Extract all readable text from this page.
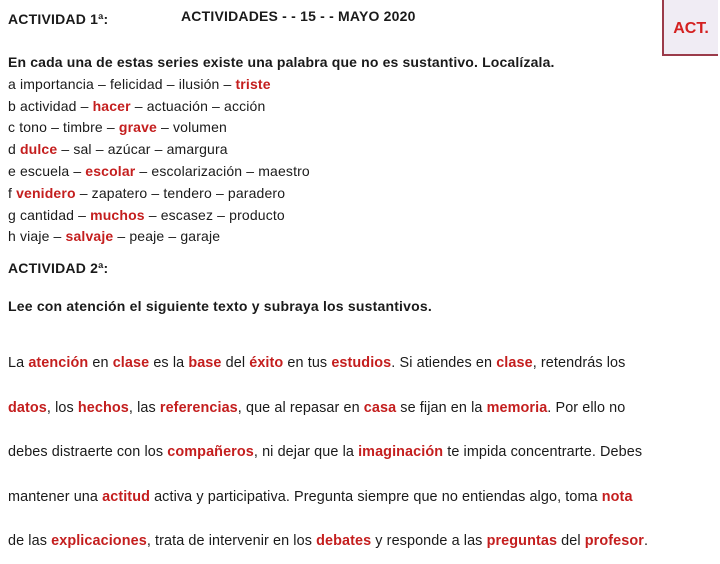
ACTIVIDAD 1ª:	ACTIVIDADES - - 15 - - MAYO 2020
ACT.
En cada una de estas series existe una palabra que no es sustantivo. Localízala.
a importancia – felicidad – ilusión – triste
b actividad – hacer – actuación – acción
c tono – timbre – grave – volumen
d dulce – sal – azúcar – amargura
e escuela – escolar – escolarización – maestro
f venidero – zapatero – tendero – paradero
g cantidad – muchos – escasez – producto
h viaje – salvaje – peaje – garaje
ACTIVIDAD 2ª:
Lee con atención el siguiente texto y subraya los sustantivos.
La atención en clase es la base del éxito en tus estudios. Si atiendes en clase, retendrás los
datos, los hechos, las referencias, que al repasar en casa se fijan en la memoria. Por ello no
debes distraerte con los compañeros, ni dejar que la imaginación te impida concentrarte. Debes
mantener una actitud activa y participativa. Pregunta siempre que no entiendas algo, toma nota
de las explicaciones, trata de intervenir en los debates y responde a las preguntas del profesor.
